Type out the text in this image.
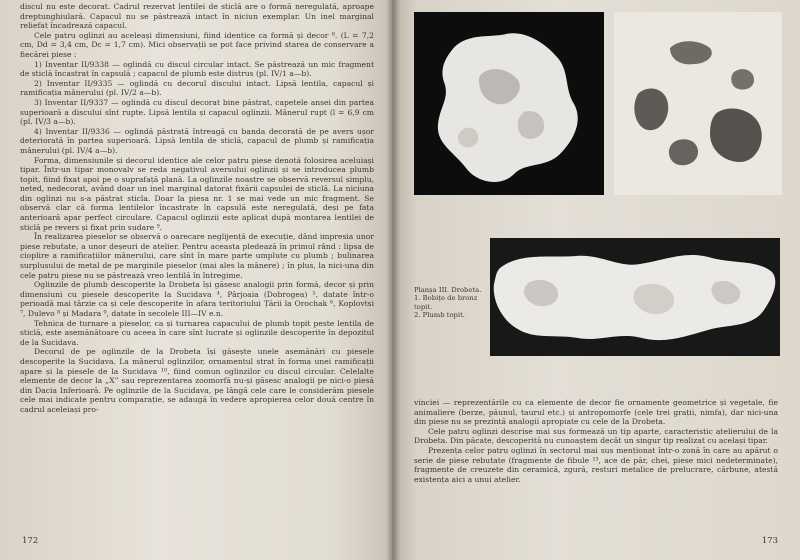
discul nu este decorat. Cadrul rezervat lentilei de sticlă are o formă neregulată, aproape dreptunghiulară. Capacul nu se păstrează intact în niciun exemplar. Un inel marginal reliefat încadrează capacul.

Cele patru oglinzi au aceleași dimensiuni, fiind identice ca formă și decor ⁸. (L = 7,2 cm, Dd = 3,4 cm, Dc = 1,7 cm). Mici observații se pot face privind starea de conservare a fiecărei piese :

1) Inventar II/9338 — oglindă cu discul circular intact. Se păstrează un mic fragment de sticlă încastrat în capsulă ; capacul de plumb este distrus (pl. IV/1 a—b).

2) Inventar II/9335 — oglindă cu decorul discului intact. Lipsă lentila, capacul și ramificația mânerului (pl. IV/2 a—b).

3) Inventar II/9337 — oglindă cu discul decorat bine păstrat, capetele ansei din partea superioară a discului sînt rupte. Lipsă lentila și capacul oglinzii. Mânerul rupt (l = 6,9 cm (pl. IV/3 a—b).

4) Inventar II/9336 — oglindă păstrată întreagă cu banda decorată de pe avers ușor deteriorată în partea superioară. Lipsă lentila de sticlă, capacul de plumb și ramificația mânerului (pl. IV/4 a—b).

Forma, dimensiunile și decorul identice ale celor patru piese denotă folosirea aceluiași tipar. Într-un tipar monovalv se reda negativul aversului oglinzii și se introducea plumb topit, fiind fixat apoi pe o suprafață plană. La oglinzile noastre se observă reversul simplu, neted, nedecorat, având doar un inel marginal datorat fixării capsulei de sticlă. La niciuna din oglinzi nu s-a păstrat sticla. Doar la piesa nr. 1 se mai vede un mic fragment. Se observă clar că forma lentilelor încastrate în capsulă este neregulată, deși pe fața anterioară apar perfect circulare. Capacul oglinzii este aplicat după montarea lentilei de sticlă pe revers și fixat prin sudare ⁹.

În realizarea pieselor se observă o oarecare neglijență de execuție, dând impresia unor piese rebutate, a unor deșeuri de atelier. Pentru aceasta pledează în primul rând : lipsa de cioplire a ramificațiilor mânerului, care sînt în mare parte umplute cu plumb ; bulinarea surplusului de metal de pe marginile pieselor (mai ales la mânere) ; în plus, la nici-una din cele patru piese nu se păstrează vreo lentilă în întregime.

Oglinzile de plumb descoperite la Drobeta își găsesc analogii prin formă, decor și prin dimensiuni cu piesele descoperite la Sucidava ⁴, Pârjoaia (Dobrogea) ⁵, datate într-o perioadă mai târzie ca și cele descoperite în afara teritoriului Țării la Orochak ⁶, Koplovtsi ⁷, Dulevo ⁸ și Madara ⁹, datate în secolele III—IV e.n.

Tehnica de turnare a pieselor, ca și turnarea capacului de plumb topit peste lentila de sticlă, este asemănătoare cu aceea în care sînt lucrate și oglinzile descoperite în depozitul de la Sucidava.

Decorul de pe oglinzile de la Drobeta își găsește unele asemănări cu piesele descoperite la Sucidava. La mânerul oglinzilor, ornamentul strat în forma unei ramificații apare și la piesele de la Sucidava ¹⁰, fiind comun oglinzilor cu discul circular. Celelalte elemente de decor la „X” sau reprezentarea zoomorfă nu-și găsesc analogii pe nici-o piesă din Dacia Inferioară. Pe oglinzile de la Sucidava, pe lângă cele care le considerăm piesele cele mai indicate pentru comparație, se adaugă în vedere apropierea celor două centre în cadrul aceleiași pro-

172
Planșa III. Drobeta.
1. Bobițe de bronz topit.
2. Plumb topit.

vinciei — reprezentările cu ca elemente de decor fie ornamente geometrice și vegetale, fie animaliere (berze, păunul, taurul etc.) și antropomorfe (cele trei grații, nimfa), dar nici-una din piese nu se prezintă analogii apropiate cu cele de la Drobeta.

Cele patru oglinzi descrise mai sus formează un tip aparte, caracteristic atelierului de la Drobeta. Din păcate, descoperită nu cunoaștem decât un singur tip realizat cu același tipar.

Prezența celor patru oglinzi în sectorul mai sus menționat într-o zonă în care au apărut o serie de piese rebutate (fragmente de fibule ¹³, ace de păr, chei, piese mici nedeterminate), fragmente de creuzete din ceramică, zgură, resturi metalice de prelucrare, cărbune, atestă existența aici a unui atelier.

173
